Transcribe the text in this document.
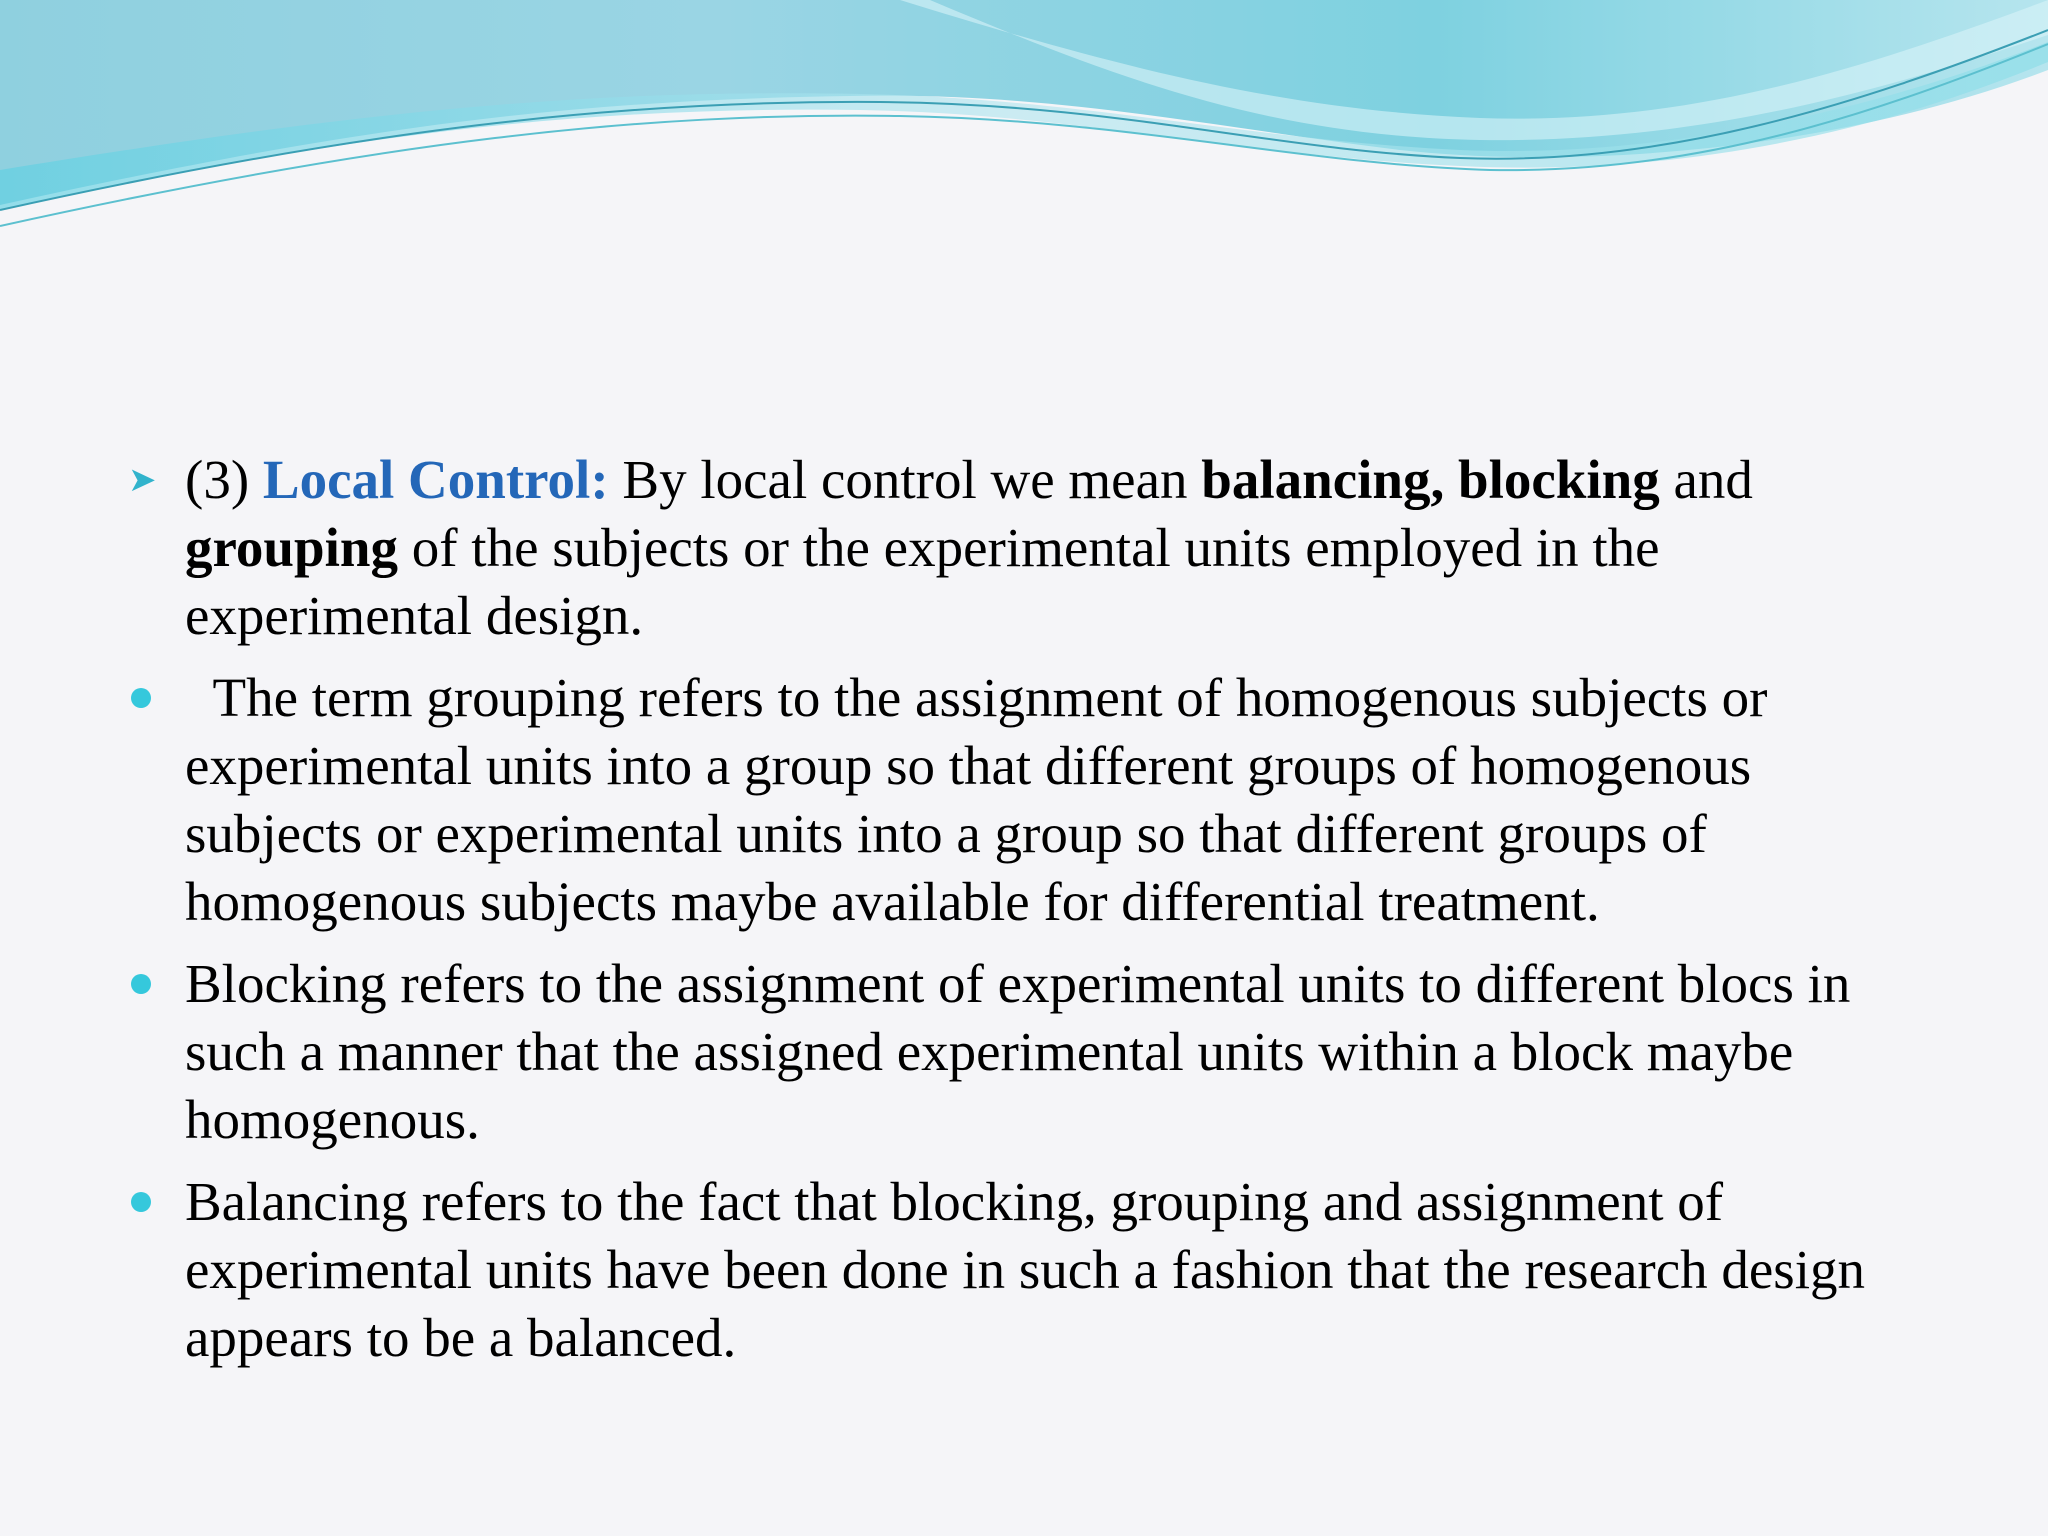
➤ (3) Local Control: By local control we mean balancing, blocking and
grouping of the subjects or the experimental units employed in the experimental design.
The term grouping refers to the assignment of homogenous subjects or experimental units into a group so that different groups of homogenous subjects or experimental units into a group so that different groups of homogenous subjects maybe available for differential treatment.
Blocking refers to the assignment of experimental units to different blocs in such a manner that the assigned experimental units within a block maybe homogenous.
Balancing refers to the fact that blocking, grouping and assignment of experimental units have been done in such a fashion that the research design appears to be a balanced.
